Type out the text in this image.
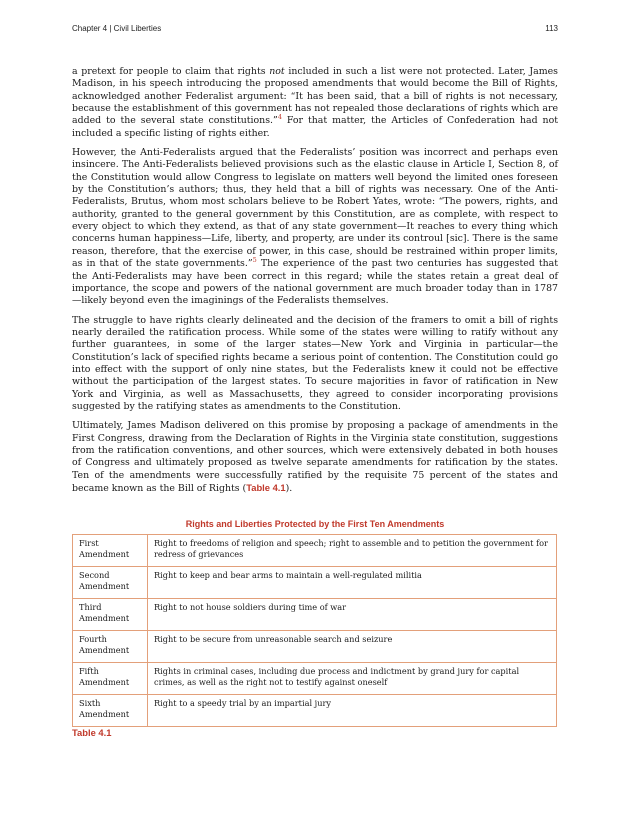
Chapter 4 | Civil Liberties	113

a pretext for people to claim that rights not included in such a list were not protected. Later, James Madison, in his speech introducing the proposed amendments that would become the Bill of Rights, acknowledged another Federalist argument: “It has been said, that a bill of rights is not necessary, because the establishment of this government has not repealed those declarations of rights which are added to the several state constitutions.”$^4$ For that matter, the Articles of Confederation had not included a specific listing of rights either.

However, the Anti-Federalists argued that the Federalists’ position was incorrect and perhaps even insincere. The Anti-Federalists believed provisions such as the elastic clause in Article I, Section 8, of the Constitution would allow Congress to legislate on matters well beyond the limited ones foreseen by the Constitution’s authors; thus, they held that a bill of rights was necessary. One of the Anti-Federalists, Brutus, whom most scholars believe to be Robert Yates, wrote: “The powers, rights, and authority, granted to the general government by this Constitution, are as complete, with respect to every object to which they extend, as that of any state government—It reaches to every thing which concerns human happiness—Life, liberty, and property, are under its controul [sic]. There is the same reason, therefore, that the exercise of power, in this case, should be restrained within proper limits, as in that of the state governments.”$^5$ The experience of the past two centuries has suggested that the Anti-Federalists may have been correct in this regard; while the states retain a great deal of importance, the scope and powers of the national government are much broader today than in 1787—likely beyond even the imaginings of the Federalists themselves.

The struggle to have rights clearly delineated and the decision of the framers to omit a bill of rights nearly derailed the ratification process. While some of the states were willing to ratify without any further guarantees, in some of the larger states—New York and Virginia in particular—the Constitution’s lack of specified rights became a serious point of contention. The Constitution could go into effect with the support of only nine states, but the Federalists knew it could not be effective without the participation of the largest states. To secure majorities in favor of ratification in New York and Virginia, as well as Massachusetts, they agreed to consider incorporating provisions suggested by the ratifying states as amendments to the Constitution.

Ultimately, James Madison delivered on this promise by proposing a package of amendments in the First Congress, drawing from the Declaration of Rights in the Virginia state constitution, suggestions from the ratification conventions, and other sources, which were extensively debated in both houses of Congress and ultimately proposed as twelve separate amendments for ratification by the states. Ten of the amendments were successfully ratified by the requisite 75 percent of the states and became known as the Bill of Rights (Table 4.1).

Rights and Liberties Protected by the First Ten Amendments
First Amendment	Right to freedoms of religion and speech; right to assemble and to petition the government for redress of grievances
Second Amendment	Right to keep and bear arms to maintain a well-regulated militia
Third Amendment	Right to not house soldiers during time of war
Fourth Amendment	Right to be secure from unreasonable search and seizure
Fifth Amendment	Rights in criminal cases, including due process and indictment by grand jury for capital crimes, as well as the right not to testify against oneself
Sixth Amendment	Right to a speedy trial by an impartial jury
Table 4.1
